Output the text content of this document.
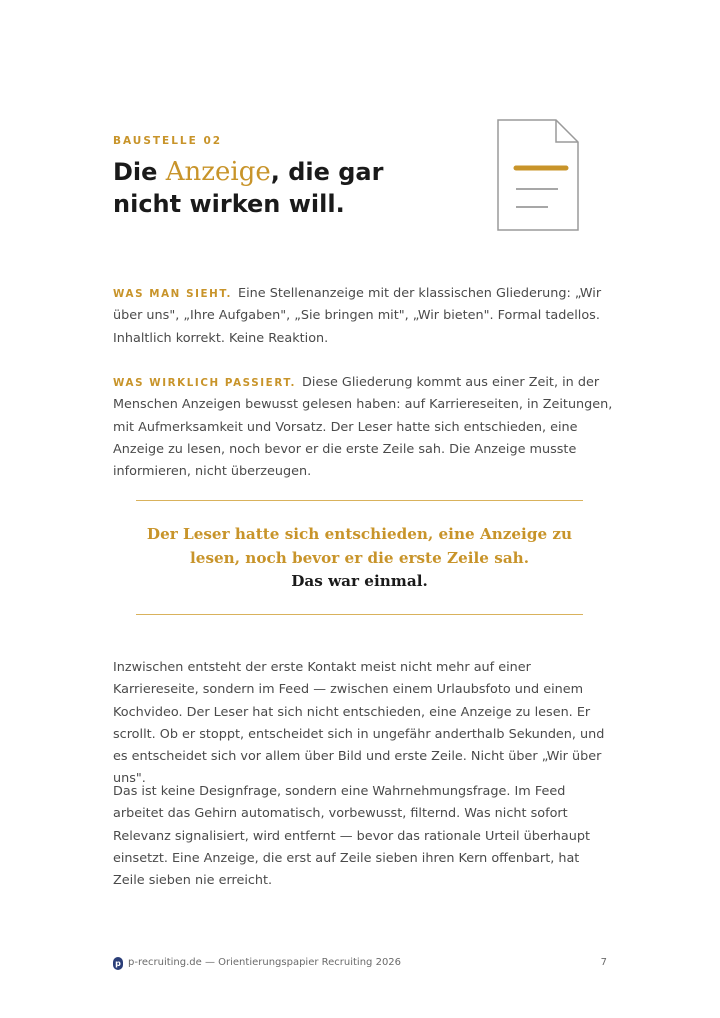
BAUSTELLE 02
Die Anzeige, die gar nicht wirken will.

WAS MAN SIEHT. Eine Stellenanzeige mit der klassischen Gliederung: „Wir über uns", „Ihre Aufgaben", „Sie bringen mit", „Wir bieten". Formal tadellos. Inhaltlich korrekt. Keine Reaktion.

WAS WIRKLICH PASSIERT. Diese Gliederung kommt aus einer Zeit, in der Menschen Anzeigen bewusst gelesen haben: auf Karriereseiten, in Zeitungen, mit Aufmerksamkeit und Vorsatz. Der Leser hatte sich entschieden, eine Anzeige zu lesen, noch bevor er die erste Zeile sah. Die Anzeige musste informieren, nicht überzeugen.

Der Leser hatte sich entschieden, eine Anzeige zu lesen, noch bevor er die erste Zeile sah.
Das war einmal.

Inzwischen entsteht der erste Kontakt meist nicht mehr auf einer Karriereseite, sondern im Feed — zwischen einem Urlaubsfoto und einem Kochvideo. Der Leser hat sich nicht entschieden, eine Anzeige zu lesen. Er scrollt. Ob er stoppt, entscheidet sich in ungefähr anderthalb Sekunden, und es entscheidet sich vor allem über Bild und erste Zeile. Nicht über „Wir über uns".

Das ist keine Designfrage, sondern eine Wahrnehmungsfrage. Im Feed arbeitet das Gehirn automatisch, vorbewusst, filternd. Was nicht sofort Relevanz signalisiert, wird entfernt — bevor das rationale Urteil überhaupt einsetzt. Eine Anzeige, die erst auf Zeile sieben ihren Kern offenbart, hat Zeile sieben nie erreicht.

p p-recruiting.de — Orientierungspapier Recruiting 2026	7
